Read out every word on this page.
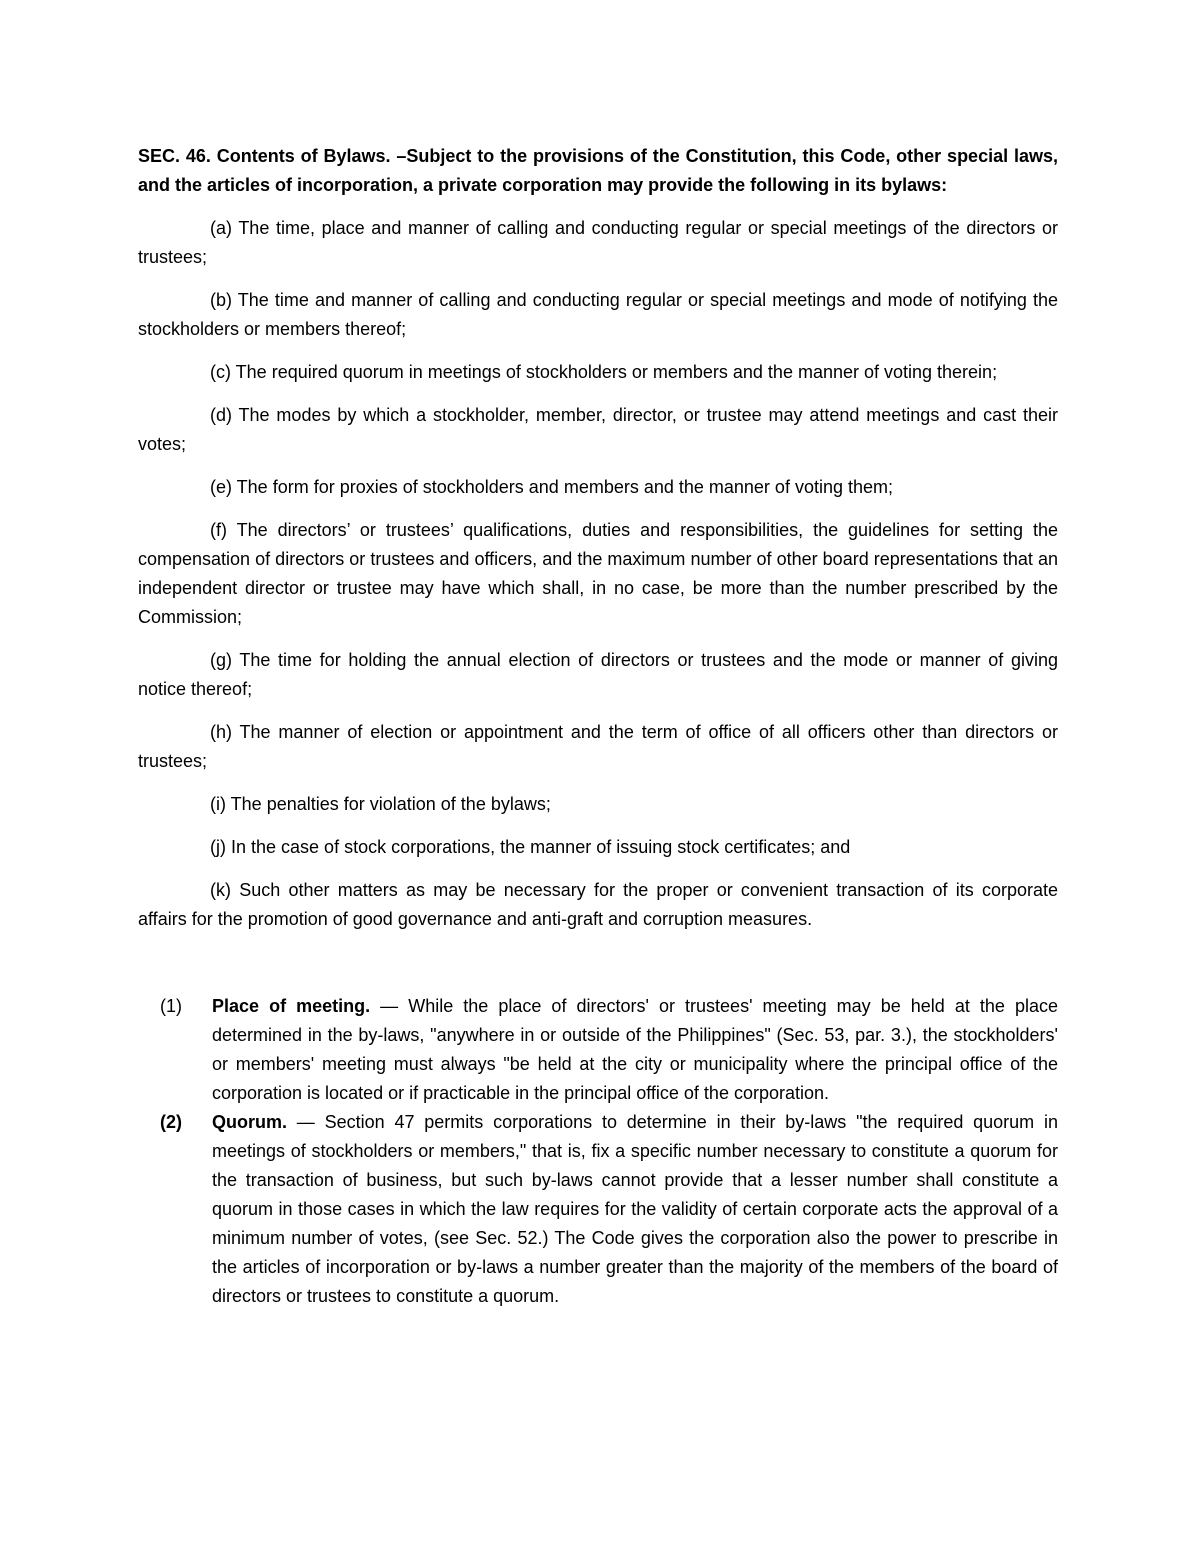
SEC. 46. Contents of Bylaws. –Subject to the provisions of the Constitution, this Code, other special laws, and the articles of incorporation, a private corporation may provide the following in its bylaws:

(a) The time, place and manner of calling and conducting regular or special meetings of the directors or trustees;

(b) The time and manner of calling and conducting regular or special meetings and mode of notifying the stockholders or members thereof;

(c) The required quorum in meetings of stockholders or members and the manner of voting therein;

(d) The modes by which a stockholder, member, director, or trustee may attend meetings and cast their votes;

(e) The form for proxies of stockholders and members and the manner of voting them;

(f) The directors’ or trustees’ qualifications, duties and responsibilities, the guidelines for setting the compensation of directors or trustees and officers, and the maximum number of other board representations that an independent director or trustee may have which shall, in no case, be more than the number prescribed by the Commission;

(g) The time for holding the annual election of directors or trustees and the mode or manner of giving notice thereof;

(h) The manner of election or appointment and the term of office of all officers other than directors or trustees;

(i) The penalties for violation of the bylaws;

(j) In the case of stock corporations, the manner of issuing stock certificates; and

(k) Such other matters as may be necessary for the proper or convenient transaction of its corporate affairs for the promotion of good governance and anti-graft and corruption measures.

(1)	Place of meeting. — While the place of directors' or trustees' meeting may be held at the place determined in the by-laws, "anywhere in or outside of the Philippines" (Sec. 53, par. 3.), the stockholders' or members' meeting must always "be held at the city or municipality where the principal office of the corporation is located or if practicable in the principal office of the corporation.
(2)	Quorum. — Section 47 permits corporations to determine in their by-laws "the required quorum in meetings of stockholders or members," that is, fix a specific number necessary to constitute a quorum for the transaction of business, but such by-laws cannot provide that a lesser number shall constitute a quorum in those cases in which the law requires for the validity of certain corporate acts the approval of a minimum number of votes, (see Sec. 52.) The Code gives the corporation also the power to prescribe in the articles of incorporation or by-laws a number greater than the majority of the members of the board of directors or trustees to constitute a quorum.
